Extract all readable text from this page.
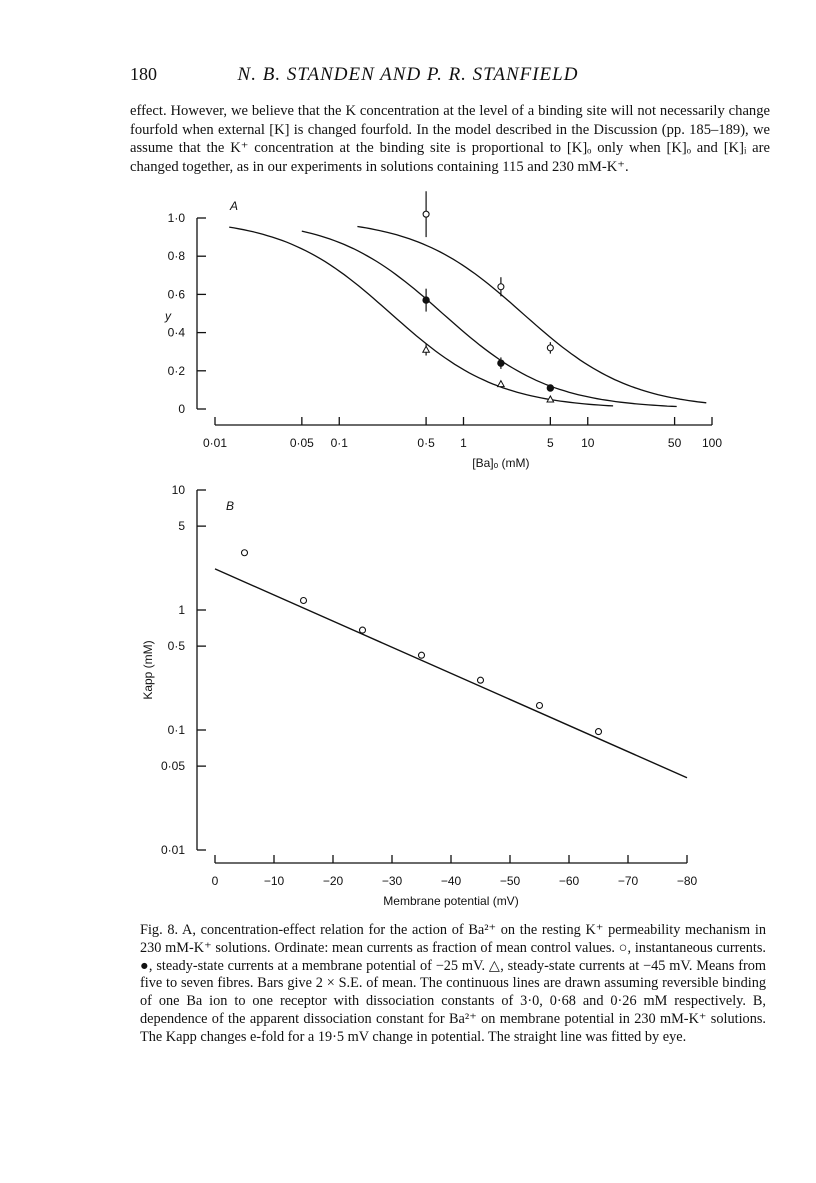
180	N. B. STANDEN AND P. R. STANFIELD

effect. However, we believe that the K concentration at the level of a binding site will not necessarily change fourfold when external [K] is changed fourfold. In the model described in the Discussion (pp. 185–189), we assume that the K⁺ concentration at the binding site is proportional to [K]ₒ only when [K]ₒ and [K]ᵢ are changed together, as in our experiments in solutions containing 115 and 230 mM-K⁺.

0
0·2
0·4
0·6
0·8
1·0
y
A
0·01	0·05 0·1	0·5 1	5 10	50 100
[Ba]ₒ (mM)
0·01
0·05
0·1
0·5
1
5
10
Kapp (mM)
B
0	−10	−20	−30	−40	−50	−60	−70	−80
Membrane potential (mV)

Fig. 8. A, concentration-effect relation for the action of Ba²⁺ on the resting K⁺ permeability mechanism in 230 mM-K⁺ solutions. Ordinate: mean currents as fraction of mean control values. ○, instantaneous currents. ●, steady-state currents at a membrane potential of −25 mV. △, steady-state currents at −45 mV. Means from five to seven fibres. Bars give 2 × S.E. of mean. The continuous lines are drawn assuming reversible binding of one Ba ion to one receptor with dissociation constants of 3·0, 0·68 and 0·26 mM respectively. B, dependence of the apparent dissociation constant for Ba²⁺ on membrane potential in 230 mM-K⁺ solutions. The Kapp changes e-fold for a 19·5 mV change in potential. The straight line was fitted by eye.
